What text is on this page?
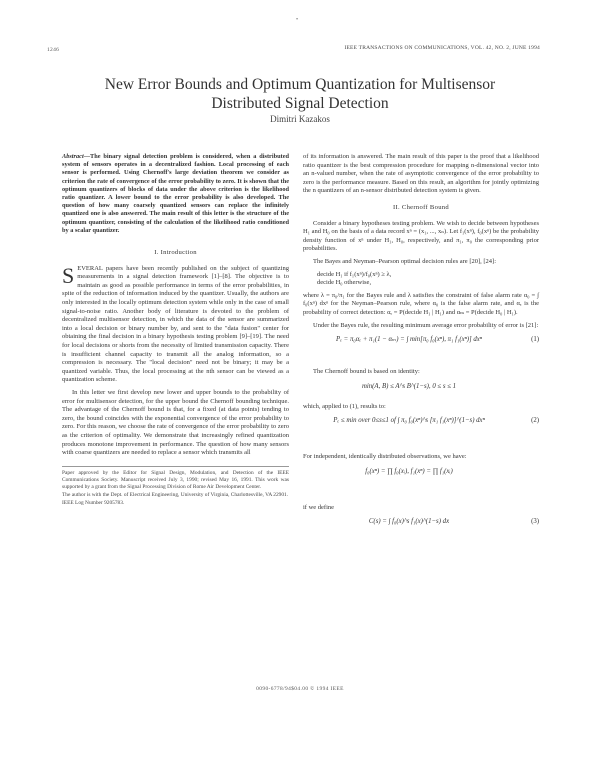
•
1246	IEEE TRANSACTIONS ON COMMUNICATIONS, VOL. 42, NO. 2, JUNE 1994
New Error Bounds and Optimum Quantization for Multisensor
Distributed Signal Detection
Dimitri Kazakos
Abstract—The binary signal detection problem is considered, when a distributed system of sensors operates in a decentralized fashion. Local processing of each sensor is performed. Using Chernoff's large deviation theorem we consider as criterion the rate of convergence of the error probability to zero. It is shown that the optimum quantizers of blocks of data under the above criterion is the likelihood ratio quantizer. A lower bound to the error probability is also developed. The question of how many coarsely quantized sensors can replace the infinitely quantized one is also answered. The main result of this letter is the structure of the optimum quantizer, consisting of the calculation of the likelihood ratio conditioned by a scalar quantizer.
I. Introduction

SEVERAL papers have been recently published on the subject of quantizing measurements in a signal detection framework [1]–[8]. The objective is to maintain as good as possible performance in terms of the error probabilities, in spite of the reduction of information induced by the quantizer. Usually, the authors are only interested in the locally optimum detection system while only in the case of small signal-to-noise ratio. Another body of literature is devoted to the problem of decentralized multisensor detection, in which the data of the sensor are summarized into a local decision or binary number by, and sent to the "data fusion" center for obtaining the final decision in a binary hypothesis testing problem [9]–[19]. The need for local decisions or shorts from the necessity of limited transmission capacity. There is insufficient channel capacity to transmit all the analog information, so a compression is necessary. The "local decision" need not be binary; it may be a quantized variable. Thus, the local processing at the nth sensor can be viewed as a quantization scheme.

In this letter we first develop new lower and upper bounds to the probability of error for multisensor detection, for the upper bound the Chernoff bounding technique. The advantage of the Chernoff bound is that, for a fixed (at data points) tending to zero, the bound coincides with the exponential convergence of the error probability to zero. For this reason, we choose the rate of convergence of the error probability to zero as the criterion of optimality. We demonstrate that increasingly refined quantization produces monotone improvement in performance. The question of how many sensors with coarse quantizers are needed to replace a sensor which transmits all

Paper approved by the Editor for Signal Design, Modulation, and Detection of the IEEE Communications Society. Manuscript received July 3, 1990; revised May 16, 1991. This work was supported by a grant from the Signal Processing Division of Rome Air Development Center.
The author is with the Dept. of Electrical Engineering, University of Virginia, Charlottesville, VA 22901.
IEEE Log Number 9205783.

of its information is answered. The main result of this paper is the proof that a likelihood ratio quantizer is the best compression procedure for mapping n-dimensional vector into an n-valued number, when the rate of asymptotic convergence of the error probability to zero is the performance measure. Based on this result, an algorithm for jointly optimizing the n quantizers of an n-sensor distributed detection system is given.

II. Chernoff Bound

Consider a binary hypotheses testing problem. We wish to decide between hypotheses H₁ and H₀ on the basis of a data record xⁿ = (x₁, ..., xₙ). Let f₁(xⁿ), f₀(xⁿ) be the probability density function of xⁿ under H₁, H₀, respectively, and π₁, π₀ the corresponding prior probabilities.

The Bayes and Neyman–Pearson optimal decision rules are [20], [24]:

decide H₁ if f₁(xⁿ)/f₀(xⁿ) ≥ λ,
decide H₀ otherwise,

where λ = π₀/π₁ for the Bayes rule and λ satisfies the constraint of false alarm rate α₀ = ∫ f₀(xⁿ) dxⁿ for the Neyman–Pearson rule, where α₀ is the false alarm rate, and αₑ is the probability of correct detection: αₑ = P(decide H₁ | H₁) and αₘ = P(decide H₀ | H₁).

Under the Bayes rule, the resulting minimum average error probability of error is [21]:

Pₑ = π₀αₑ + π₁(1 − αₘ) = ∫ min[π₀ f₀(xⁿ), π₁ f₁(xⁿ)] dxⁿ	(1)

The Chernoff bound is based on identity:

min(A, B) ≤ A^s B^(1−s), 0 ≤ s ≤ 1

which, applied to (1), results to:

Pₑ ≤ min over 0≤s≤1 of ∫ π₀ f₀(xⁿ)^s [π₁ f₁(xⁿ)]^(1−s) dxⁿ	(2)

For independent, identically distributed observations, we have:

f₀(xⁿ) = ∏ f₀(xᵢ), f₁(xⁿ) = ∏ f₁(xᵢ)

if we define

C(s) = ∫ f₀(x)^s f₁(x)^(1−s) dx	(3)
0090-6778/94$04.00 © 1994 IEEE
